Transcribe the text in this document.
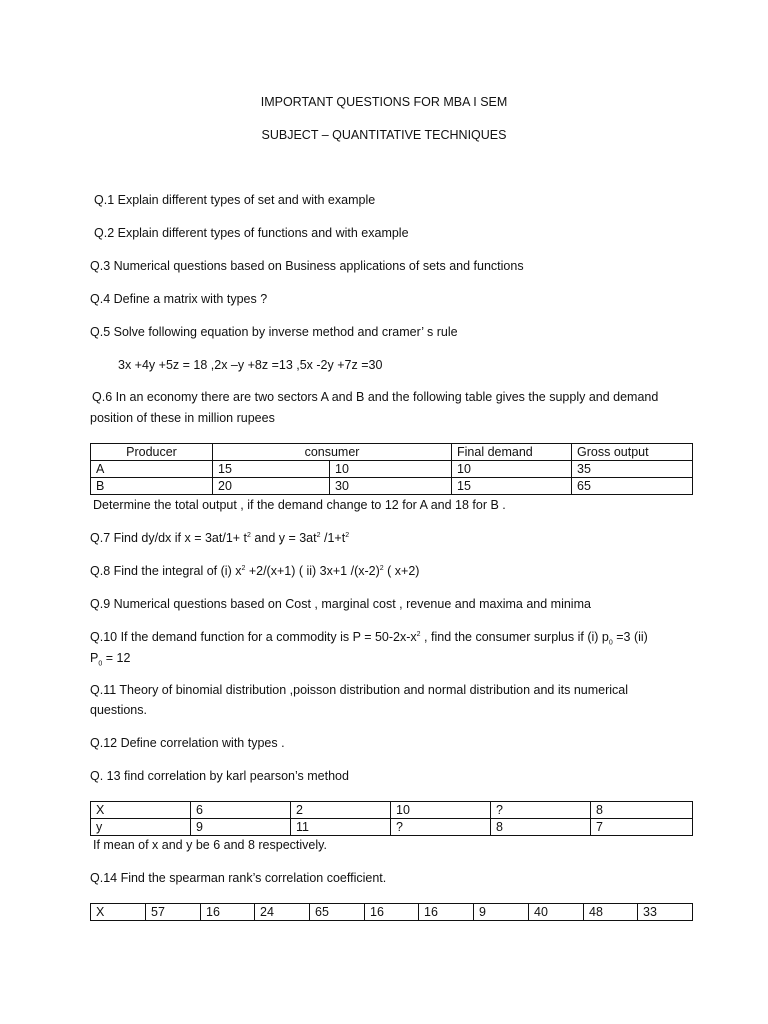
IMPORTANT QUESTIONS FOR MBA I SEM
SUBJECT – QUANTITATIVE TECHNIQUES
Q.1 Explain different types of set and with example
Q.2 Explain different types of functions and with example
Q.3 Numerical questions based on Business applications of sets and functions
Q.4 Define a matrix with types ?
Q.5 Solve following equation by inverse method and cramer’ s rule
3x +4y +5z = 18 ,2x –y +8z =13 ,5x -2y +7z =30
Q.6 In an economy there are two sectors A and B and the following table gives the supply and demand
position of these in million rupees
Producer	consumer		Final demand	Gross output
A	15	10	10	35
B	20	30	15	65
Determine the total output , if the demand change to 12 for A and 18 for B .
Q.7 Find dy/dx if $x = 3at/1+ t^2$ and $y = 3at^2$ $/1+t^2$
Q.8 Find the integral of (i) $x^2 +2/(x+1)$ ( ii) 3x+1 $/(x-2)^2$ ( x+2)
Q.9 Numerical questions based on Cost , marginal cost , revenue and maxima and minima
Q.10 If the demand function for a commodity is $P = 50-2x-x^2$ , find the consumer surplus if (i) $p_0 =3$ (ii)
$P_0 = 12$
Q.11 Theory of binomial distribution ,poisson distribution and normal distribution and its numerical
questions.
Q.12 Define correlation with types .
Q. 13 find correlation by karl pearson’s method
X	6	2	10	?	8
y	9	11	?	8	7
If mean of x and y be 6 and 8 respectively.
Q.14 Find the spearman rank’s correlation coefficient.
X	57	16	24	65	16	16	9	40	48	33
